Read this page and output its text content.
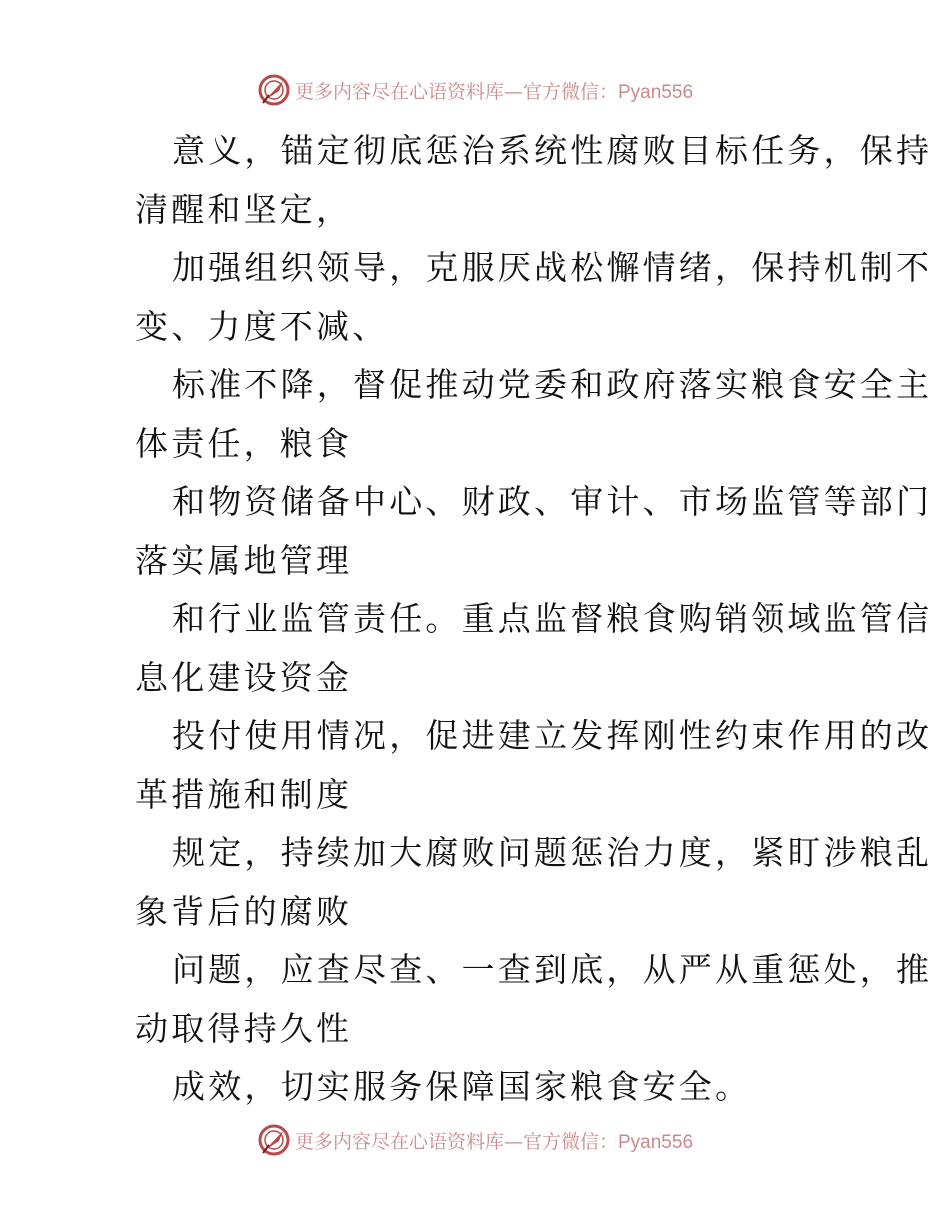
更多内容尽在心语资料库—官方微信：Pyan556
意义，锚定彻底惩治系统性腐败目标任务，保持
清醒和坚定，
加强组织领导，克服厌战松懈情绪，保持机制不
变、力度不减、
标准不降，督促推动党委和政府落实粮食安全主
体责任，粮食
和物资储备中心、财政、审计、市场监管等部门
落实属地管理
和行业监管责任。重点监督粮食购销领域监管信
息化建设资金
投付使用情况，促进建立发挥刚性约束作用的改
革措施和制度
规定，持续加大腐败问题惩治力度，紧盯涉粮乱
象背后的腐败
问题，应查尽查、一查到底，从严从重惩处，推
动取得持久性
成效，切实服务保障国家粮食安全。
更多内容尽在心语资料库—官方微信：Pyan556
